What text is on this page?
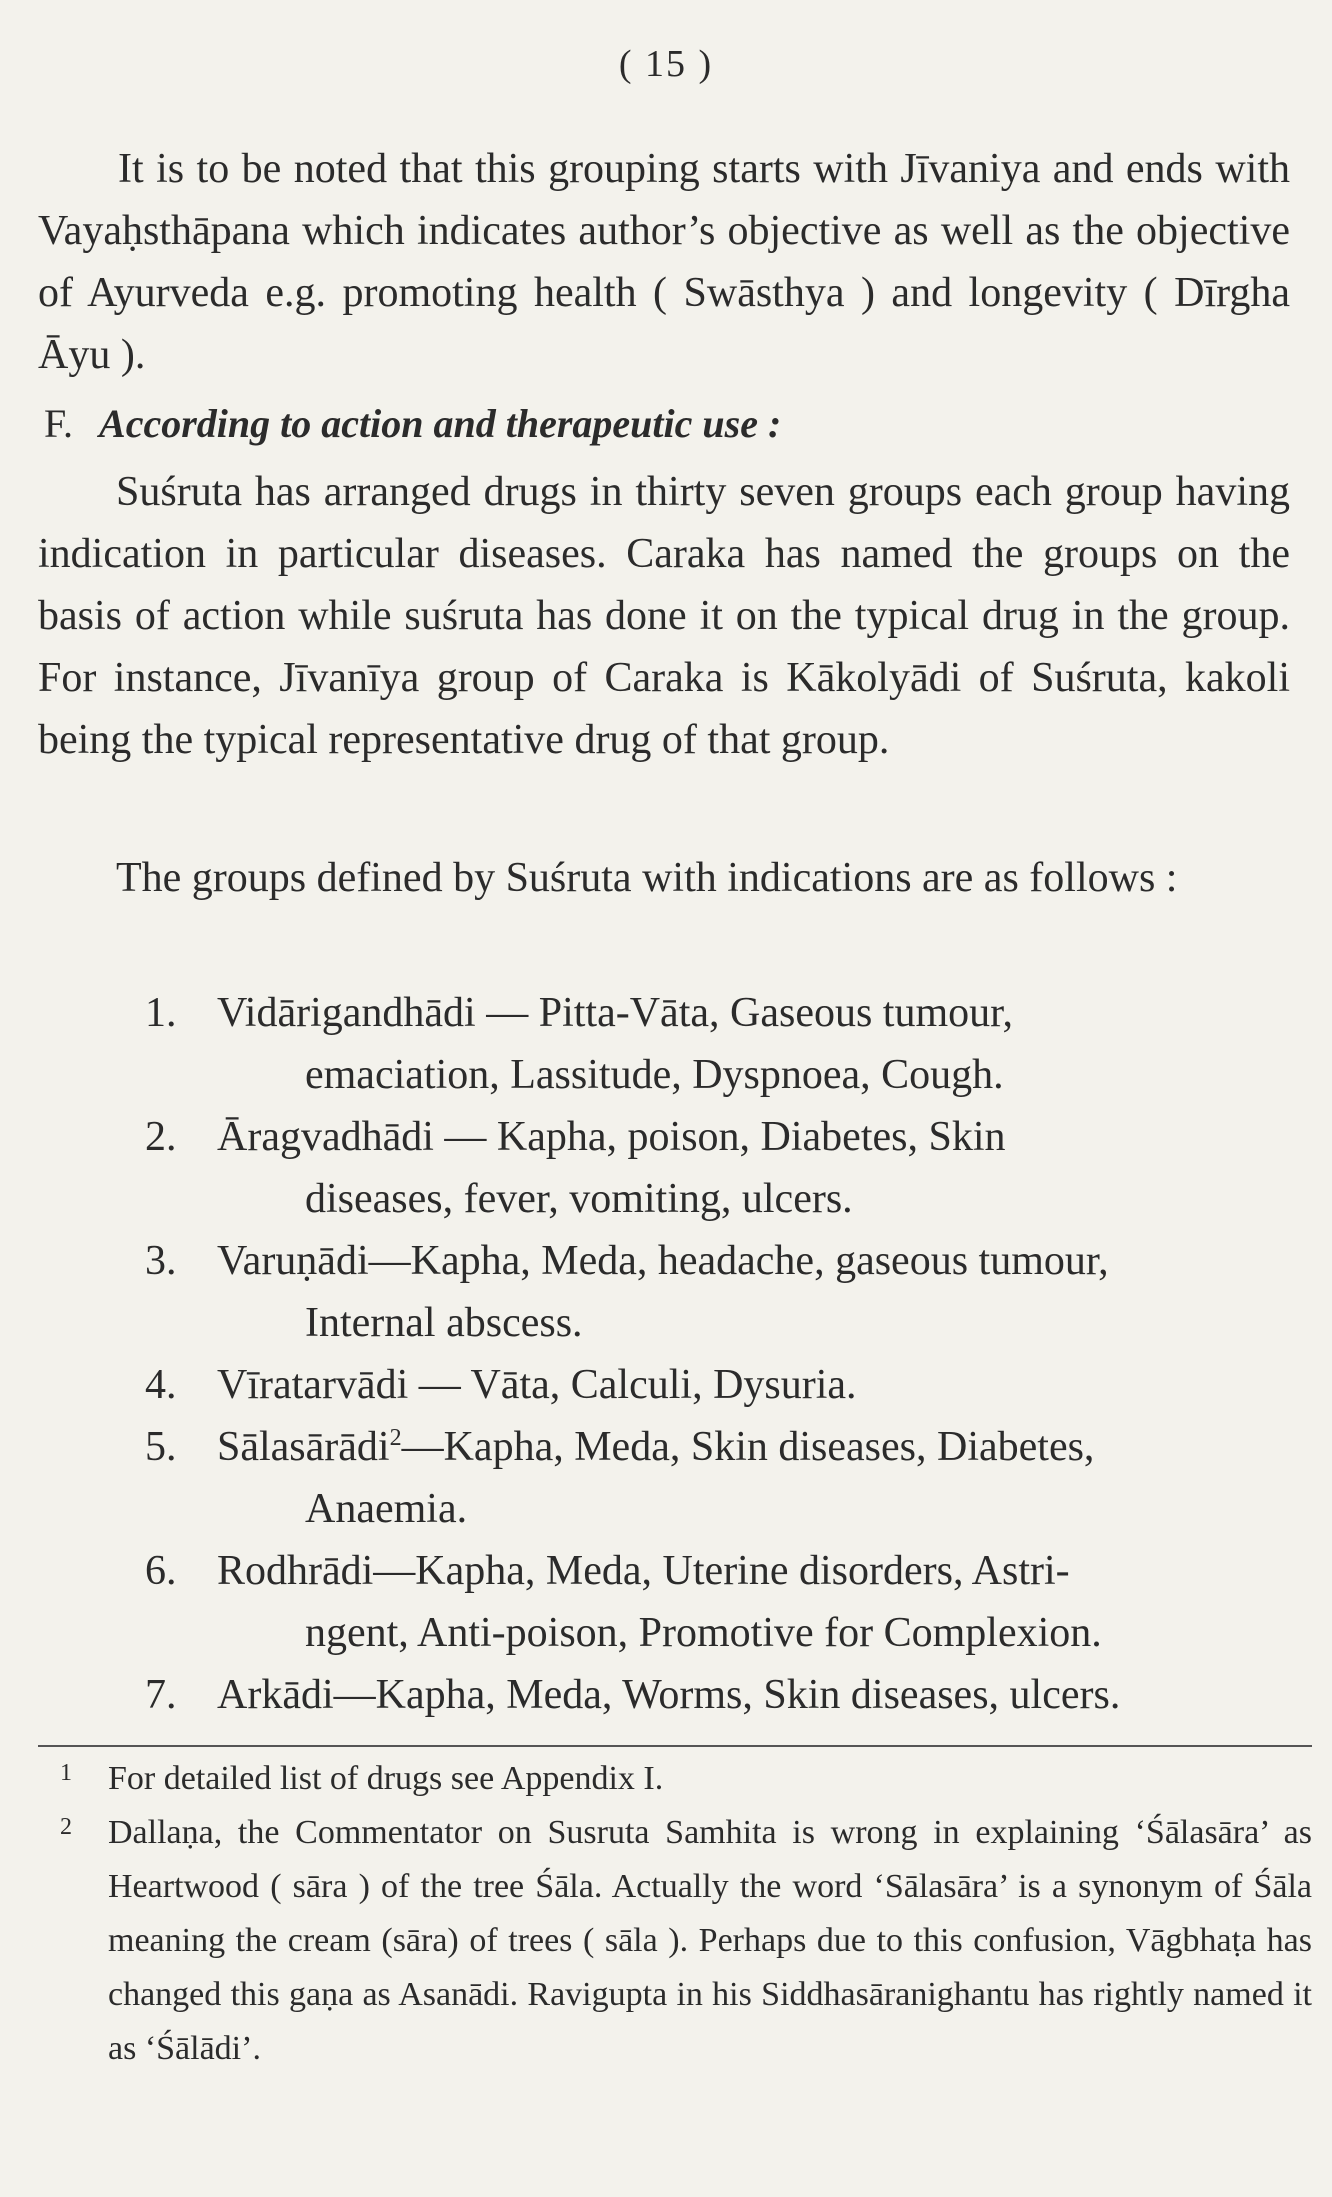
( 15 )

It is to be noted that this grouping starts with Jīvaniya and ends with Vayaḥsthāpana which indicates author’s objective as well as the objective of Ayurveda e.g. promoting health ( Swāsthya ) and longevity ( Dīrgha Āyu ).

F. According to action and therapeutic use :

Suśruta has arranged drugs in thirty seven groups each group having indication in particular diseases. Caraka has named the groups on the basis of action while suśruta has done it on the typical drug in the group. For instance, Jīvanīya group of Caraka is Kākolyādi of Suśruta, kakoli being the typical representative drug of that group.

The groups defined by Suśruta with indications are as follows :

1. Vidārigandhādi — Pitta-Vāta, Gaseous tumour,
emaciation, Lassitude, Dyspnoea, Cough.
2. Āragvadhādi — Kapha, poison, Diabetes, Skin
diseases, fever, vomiting, ulcers.
3. Varuṇādi—Kapha, Meda, headache, gaseous tumour,
Internal abscess.
4. Vīratarvādi — Vāta, Calculi, Dysuria.
5. Sālasārādi$^2$—Kapha, Meda, Skin diseases, Diabetes,
Anaemia.
6. Rodhrādi—Kapha, Meda, Uterine disorders, Astri-
ngent, Anti-poison, Promotive for Complexion.
7. Arkādi—Kapha, Meda, Worms, Skin diseases, ulcers.
1 For detailed list of drugs see Appendix I.
2 Dallaṇa, the Commentator on Susruta Samhita is wrong in explaining ‘Śālasāra’ as Heartwood ( sāra ) of the tree Śāla. Actually the word ‘Sālasāra’ is a synonym of Śāla meaning the cream (sāra) of trees ( sāla ). Perhaps due to this confusion, Vāgbhaṭa has changed this gaṇa as Asanādi. Ravigupta in his Siddhasāranighantu has rightly named it as ‘Śālādi’.
